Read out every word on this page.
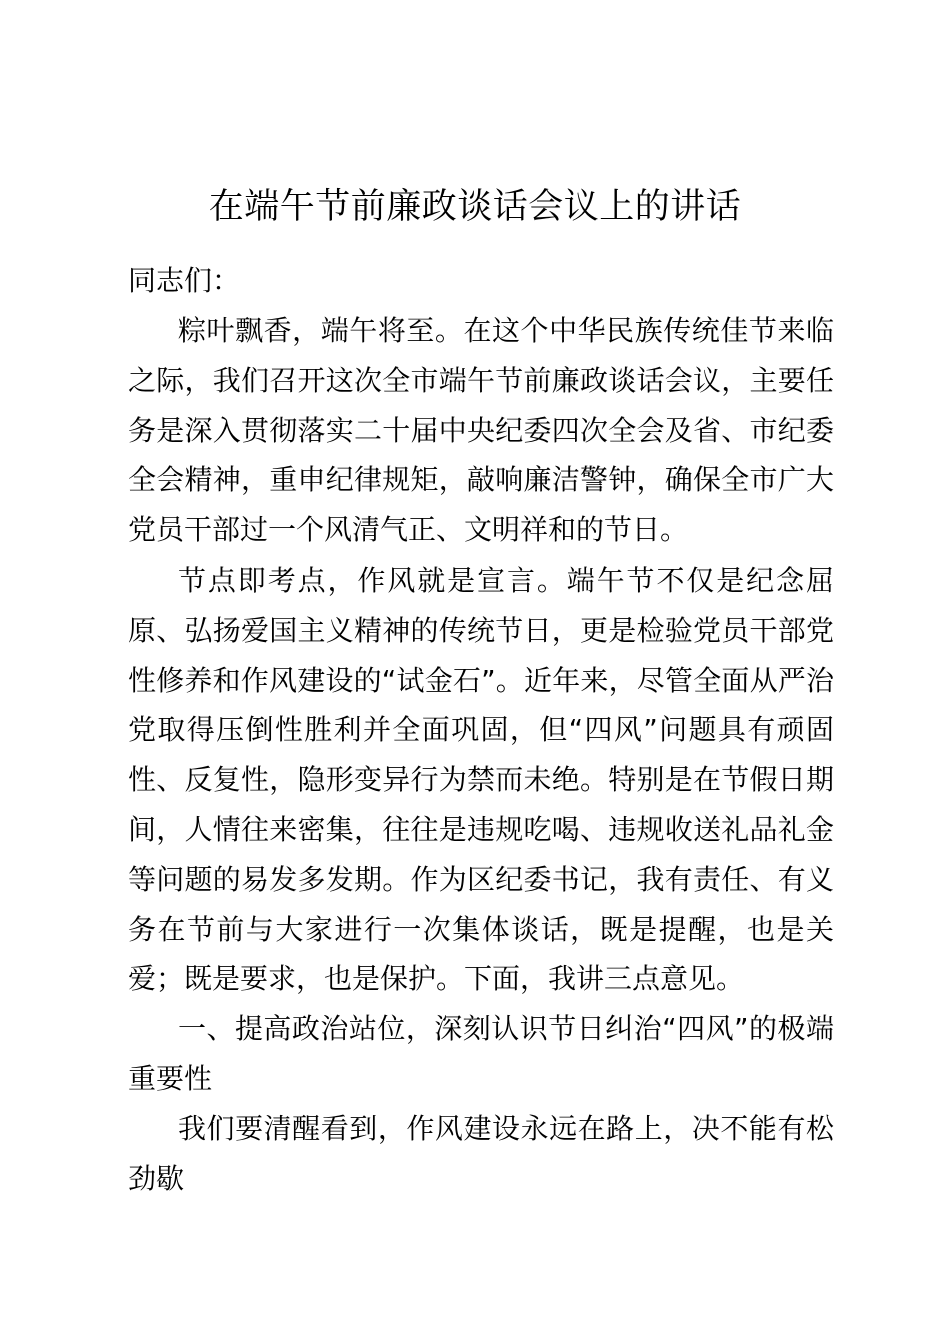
在端午节前廉政谈话会议上的讲话

同志们：

粽叶飘香，端午将至。在这个中华民族传统佳节来临之际，我们召开这次全市端午节前廉政谈话会议，主要任务是深入贯彻落实二十届中央纪委四次全会及省、市纪委全会精神，重申纪律规矩，敲响廉洁警钟，确保全市广大党员干部过一个风清气正、文明祥和的节日。

节点即考点，作风就是宣言。端午节不仅是纪念屈原、弘扬爱国主义精神的传统节日，更是检验党员干部党性修养和作风建设的“试金石”。近年来，尽管全面从严治党取得压倒性胜利并全面巩固，但“四风”问题具有顽固性、反复性，隐形变异行为禁而未绝。特别是在节假日期间，人情往来密集，往往是违规吃喝、违规收送礼品礼金等问题的易发多发期。作为区纪委书记，我有责任、有义务在节前与大家进行一次集体谈话，既是提醒，也是关爱；既是要求，也是保护。下面，我讲三点意见。

一、提高政治站位，深刻认识节日纠治“四风”的极端重要性

我们要清醒看到，作风建设永远在路上，决不能有松劲歇
